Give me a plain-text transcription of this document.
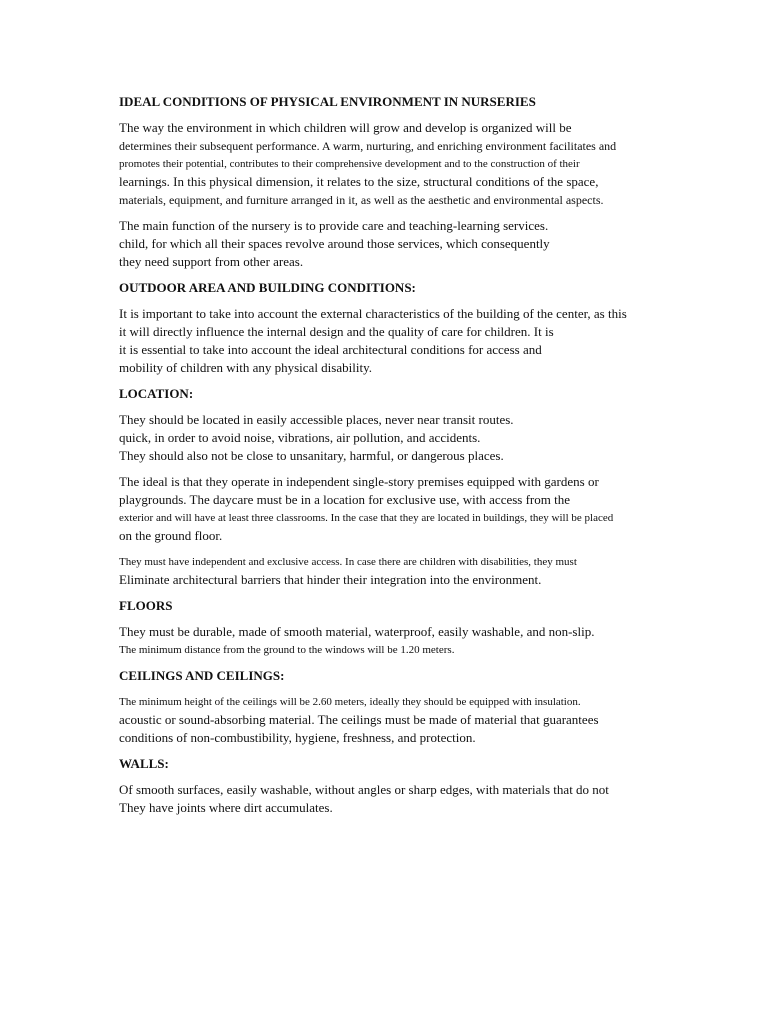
IDEAL CONDITIONS OF PHYSICAL ENVIRONMENT IN NURSERIES
The way the environment in which children will grow and develop is organized will be
determines their subsequent performance. A warm, nurturing, and enriching environment facilitates and
promotes their potential, contributes to their comprehensive development and to the construction of their
learnings. In this physical dimension, it relates to the size, structural conditions of the space,
materials, equipment, and furniture arranged in it, as well as the aesthetic and environmental aspects.
The main function of the nursery is to provide care and teaching-learning services.
child, for which all their spaces revolve around those services, which consequently
they need support from other areas.
OUTDOOR AREA AND BUILDING CONDITIONS:
It is important to take into account the external characteristics of the building of the center, as this
it will directly influence the internal design and the quality of care for children. It is
it is essential to take into account the ideal architectural conditions for access and
mobility of children with any physical disability.
LOCATION:
They should be located in easily accessible places, never near transit routes.
quick, in order to avoid noise, vibrations, air pollution, and accidents.
They should also not be close to unsanitary, harmful, or dangerous places.
The ideal is that they operate in independent single-story premises equipped with gardens or
playgrounds. The daycare must be in a location for exclusive use, with access from the
exterior and will have at least three classrooms. In the case that they are located in buildings, they will be placed
on the ground floor.
They must have independent and exclusive access. In case there are children with disabilities, they must
Eliminate architectural barriers that hinder their integration into the environment.
FLOORS
They must be durable, made of smooth material, waterproof, easily washable, and non-slip.
The minimum distance from the ground to the windows will be 1.20 meters.
CEILINGS AND CEILINGS:
The minimum height of the ceilings will be 2.60 meters, ideally they should be equipped with insulation.
acoustic or sound-absorbing material. The ceilings must be made of material that guarantees
conditions of non-combustibility, hygiene, freshness, and protection.
WALLS:
Of smooth surfaces, easily washable, without angles or sharp edges, with materials that do not
They have joints where dirt accumulates.
